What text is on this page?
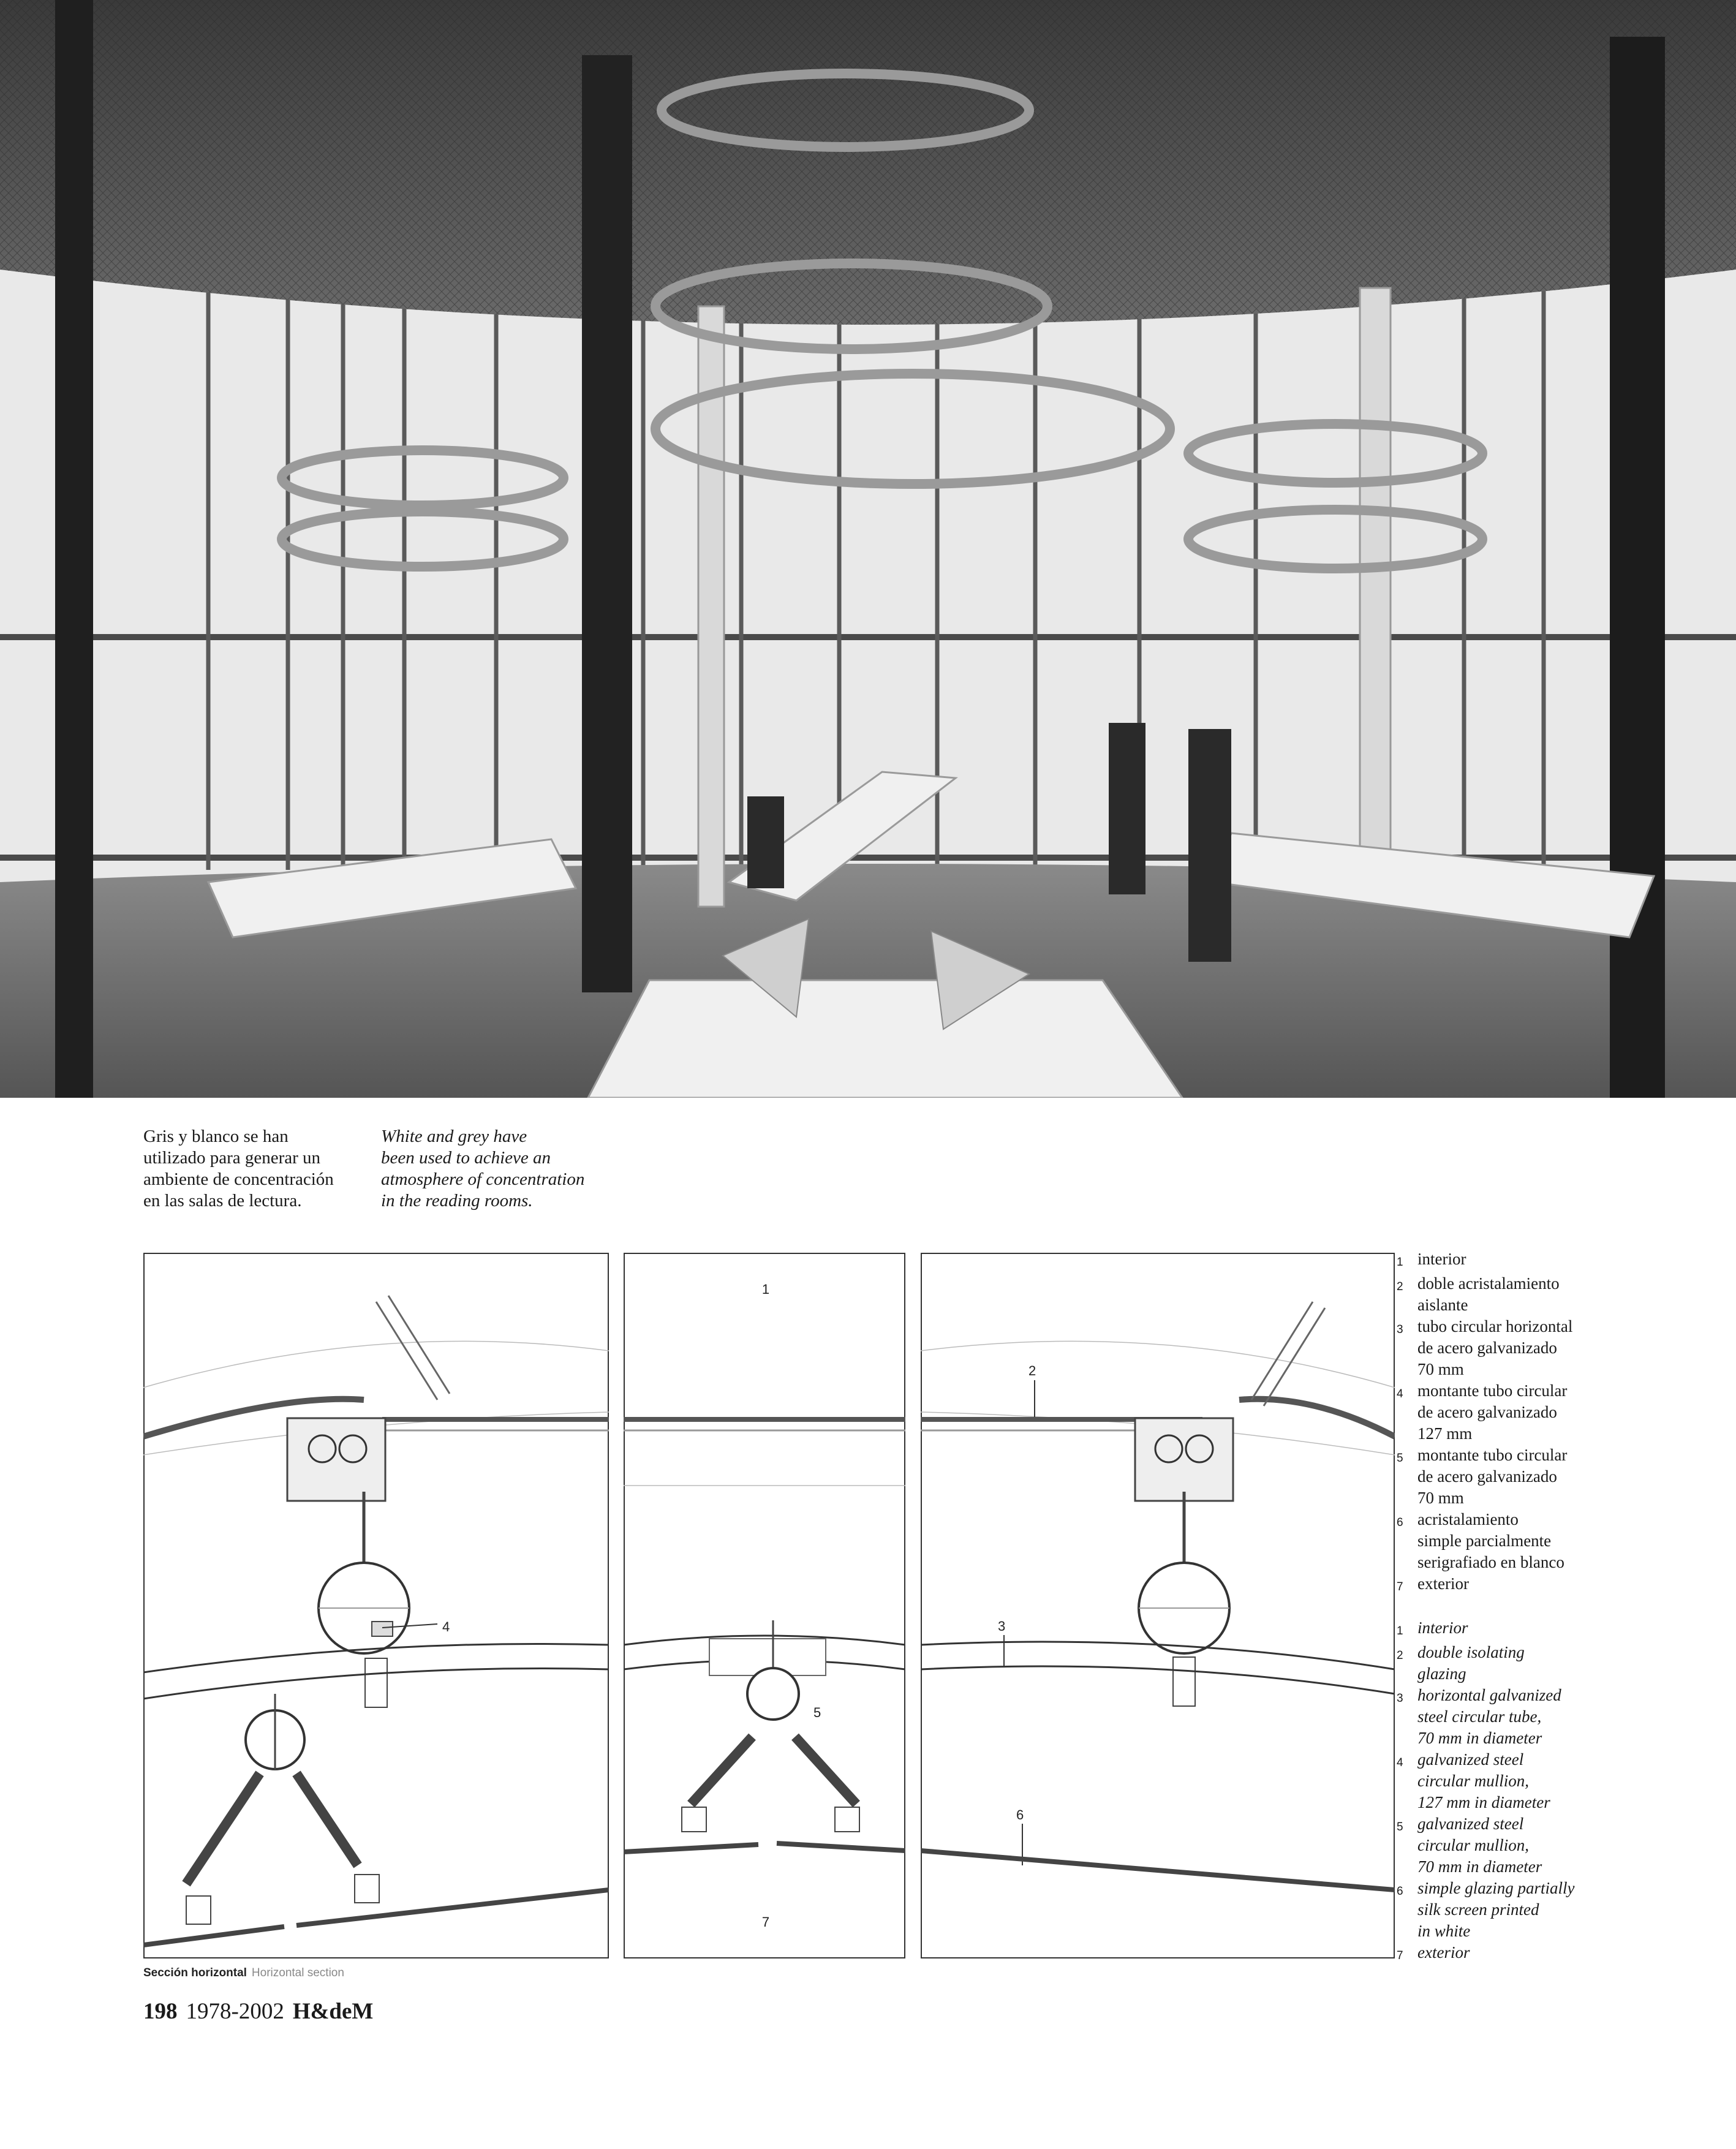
Gris y blanco se han
utilizado para generar un
ambiente de concentración
en las salas de lectura.
White and grey have
been used to achieve an
atmosphere of concentration
in the reading rooms.
4
1
5
7
2
3
6
1 interior
2 doble acristalamiento
aislante
3 tubo circular horizontal
de acero galvanizado
70 mm
4 montante tubo circular
de acero galvanizado
127 mm
5 montante tubo circular
de acero galvanizado
70 mm
6 acristalamiento
simple parcialmente
serigrafiado en blanco
7 exterior
1 interior
2 double isolating
glazing
3 horizontal galvanized
steel circular tube,
70 mm in diameter
4 galvanized steel
circular mullion,
127 mm in diameter
5 galvanized steel
circular mullion,
70 mm in diameter
6 simple glazing partially
silk screen printed
in white
7 exterior
Sección horizontal Horizontal section
198 1978-2002 H&deM
